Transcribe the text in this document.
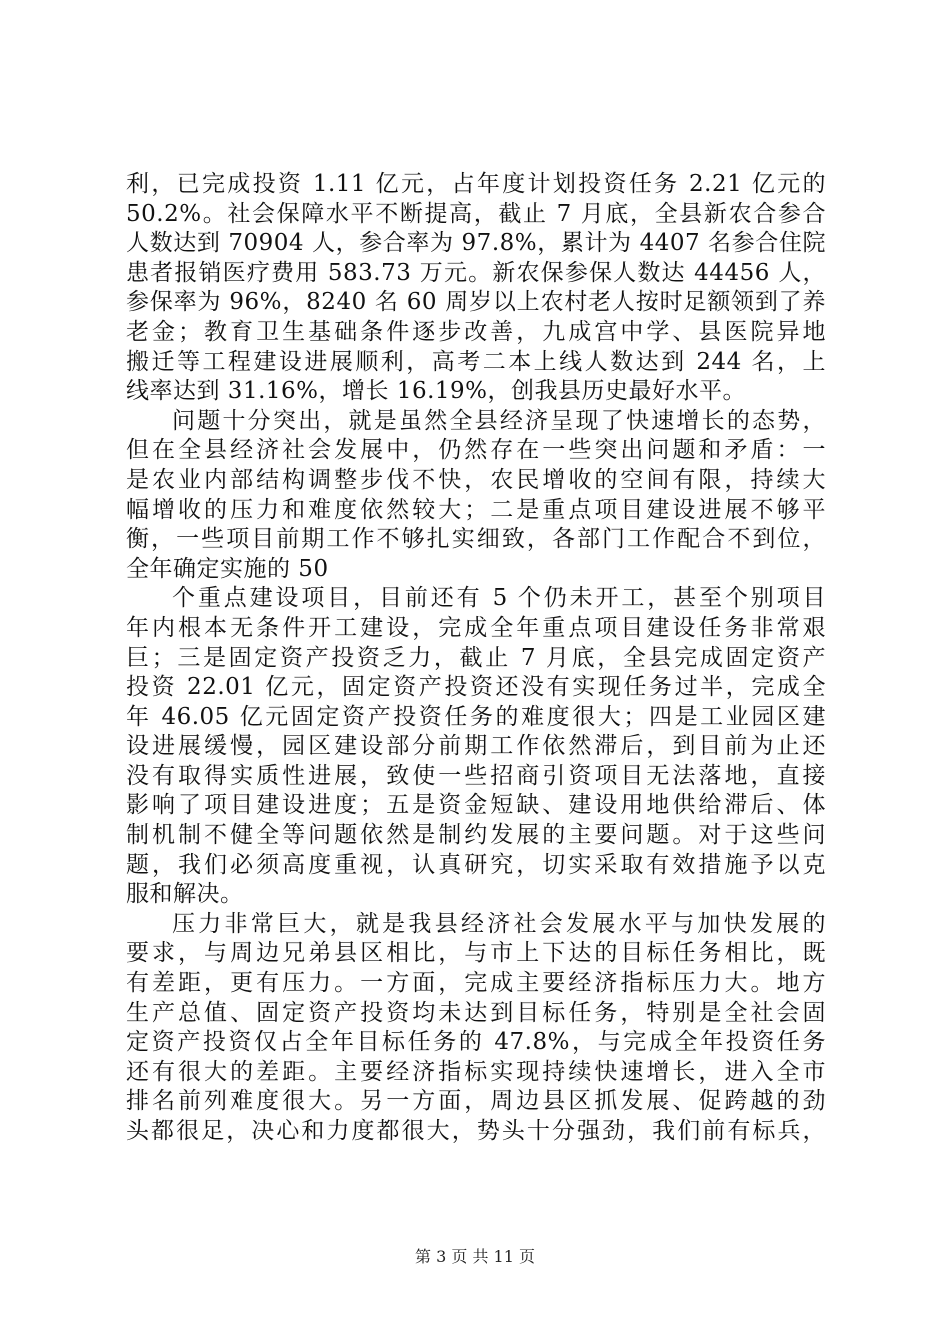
利，已完成投资 1.11 亿元，占年度计划投资任务 2.21 亿元的
50.2%。社会保障水平不断提高，截止 7 月底，全县新农合参合
人数达到 70904 人，参合率为 97.8%，累计为 4407 名参合住院
患者报销医疗费用 583.73 万元。新农保参保人数达 44456 人，
参保率为 96%，8240 名 60 周岁以上农村老人按时足额领到了养
老金；教育卫生基础条件逐步改善，九成宫中学、县医院异地
搬迁等工程建设进展顺利，高考二本上线人数达到 244 名，上
线率达到 31.16%，增长 16.19%，创我县历史最好水平。
问题十分突出，就是虽然全县经济呈现了快速增长的态势，
但在全县经济社会发展中，仍然存在一些突出问题和矛盾：一
是农业内部结构调整步伐不快，农民增收的空间有限，持续大
幅增收的压力和难度依然较大；二是重点项目建设进展不够平
衡，一些项目前期工作不够扎实细致，各部门工作配合不到位，
全年确定实施的 50
个重点建设项目，目前还有 5 个仍未开工，甚至个别项目
年内根本无条件开工建设，完成全年重点项目建设任务非常艰
巨；三是固定资产投资乏力，截止 7 月底，全县完成固定资产
投资 22.01 亿元，固定资产投资还没有实现任务过半，完成全
年 46.05 亿元固定资产投资任务的难度很大；四是工业园区建
设进展缓慢，园区建设部分前期工作依然滞后，到目前为止还
没有取得实质性进展，致使一些招商引资项目无法落地，直接
影响了项目建设进度；五是资金短缺、建设用地供给滞后、体
制机制不健全等问题依然是制约发展的主要问题。对于这些问
题，我们必须高度重视，认真研究，切实采取有效措施予以克
服和解决。
压力非常巨大，就是我县经济社会发展水平与加快发展的
要求，与周边兄弟县区相比，与市上下达的目标任务相比，既
有差距，更有压力。一方面，完成主要经济指标压力大。地方
生产总值、固定资产投资均未达到目标任务，特别是全社会固
定资产投资仅占全年目标任务的 47.8%，与完成全年投资任务
还有很大的差距。主要经济指标实现持续快速增长，进入全市
排名前列难度很大。另一方面，周边县区抓发展、促跨越的劲
头都很足，决心和力度都很大，势头十分强劲，我们前有标兵，
第 3 页 共 11 页
